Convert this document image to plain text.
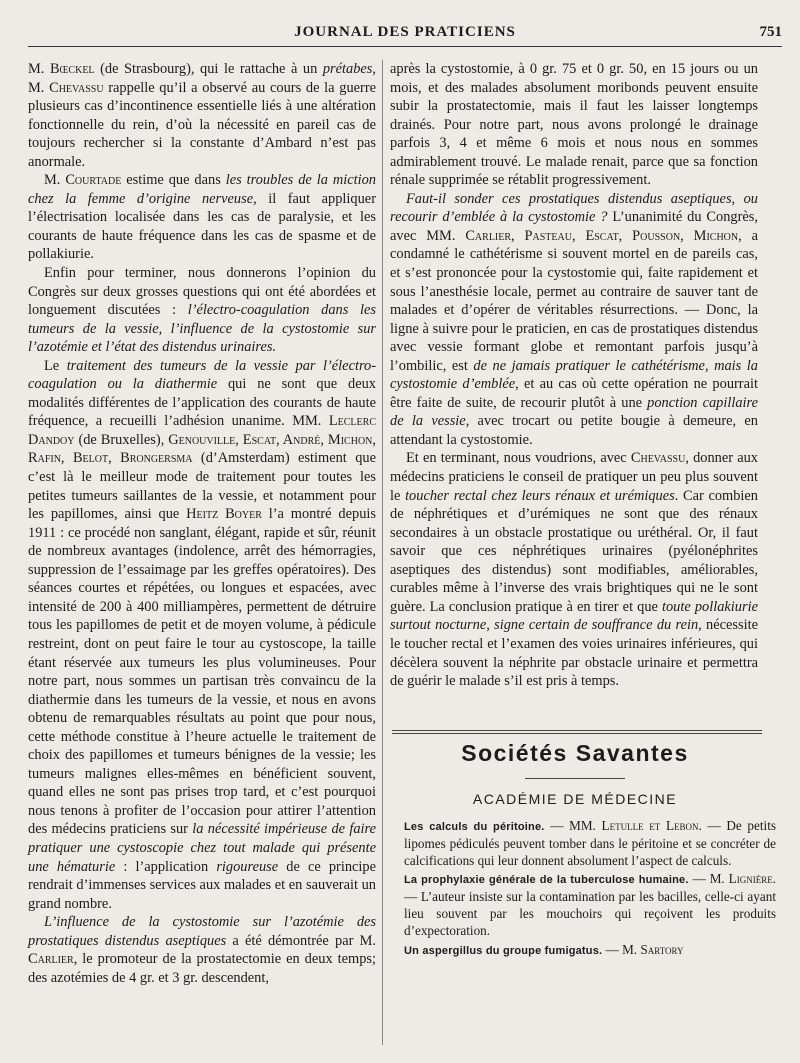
JOURNAL DES PRATICIENS	751

M. Bœckel (de Strasbourg), qui le rattache à un prétabes, M. Chevassu rappelle qu’il a observé au cours de la guerre plusieurs cas d’incontinence essentielle liés à une altération fonctionnelle du rein, d’où la nécessité en pareil cas de toujours rechercher si la constante d’Ambard n’est pas anormale.

M. Courtade estime que dans les troubles de la miction chez la femme d’origine nerveuse, il faut appliquer l’électrisation localisée dans les cas de paralysie, et les courants de haute fréquence dans les cas de spasme et de pollakiurie.

Enfin pour terminer, nous donnerons l’opinion du Congrès sur deux grosses questions qui ont été abordées et longuement discutées : l’électro-coagulation dans les tumeurs de la vessie, l’influence de la cystostomie sur l’azotémie et l’état des distendus urinaires.

Le traitement des tumeurs de la vessie par l’électro-coagulation ou la diathermie qui ne sont que deux modalités différentes de l’application des courants de haute fréquence, a recueilli l’adhésion unanime. MM. Leclerc Dandoy (de Bruxelles), Genouville, Escat, André, Michon, Rafin, Belot, Brongersma (d’Amsterdam) estiment que c’est là le meilleur mode de traitement pour toutes les petites tumeurs saillantes de la vessie, et notamment pour les papillomes, ainsi que Heitz Boyer l’a montré depuis 1911 : ce procédé non sanglant, élégant, rapide et sûr, réunit de nombreux avantages (indolence, arrêt des hémorragies, suppression de l’essaimage par les greffes opératoires). Des séances courtes et répétées, ou longues et espacées, avec intensité de 200 à 400 milliampères, permettent de détruire tous les papillomes de petit et de moyen volume, à pédicule restreint, dont on peut faire le tour au cystoscope, la taille étant réservée aux tumeurs les plus volumineuses. Pour notre part, nous sommes un partisan très convaincu de la diathermie dans les tumeurs de la vessie, et nous en avons obtenu de remarquables résultats au point que pour nous, cette méthode constitue à l’heure actuelle le traitement de choix des papillomes et tumeurs bénignes de la vessie; les tumeurs malignes elles-mêmes en bénéficient souvent, quand elles ne sont pas prises trop tard, et c’est pourquoi nous tenons à profiter de l’occasion pour attirer l’attention des médecins praticiens sur la nécessité impérieuse de faire pratiquer une cystoscopie chez tout malade qui présente une hématurie : l’application rigoureuse de ce principe rendrait d’immenses services aux malades et en sauverait un grand nombre.

L’influence de la cystostomie sur l’azotémie des prostatiques distendus aseptiques a été démontrée par M. Carlier, le promoteur de la prostatectomie en deux temps; des azotémies de 4 gr. et 3 gr. descendent,

après la cystostomie, à 0 gr. 75 et 0 gr. 50, en 15 jours ou un mois, et des malades absolument moribonds peuvent ensuite subir la prostatectomie, mais il faut les laisser longtemps drainés. Pour notre part, nous avons prolongé le drainage parfois 3, 4 et même 6 mois et nous nous en sommes admirablement trouvé. Le malade renait, parce que sa fonction rénale supprimée se rétablit progressivement.

Faut-il sonder ces prostatiques distendus aseptiques, ou recourir d’emblée à la cystostomie ? L’unanimité du Congrès, avec MM. Carlier, Pasteau, Escat, Pousson, Michon, a condamné le cathétérisme si souvent mortel en de pareils cas, et s’est prononcée pour la cystostomie qui, faite rapidement et sous l’anesthésie locale, permet au contraire de sauver tant de malades et d’opérer de véritables résurrections. — Donc, la ligne à suivre pour le praticien, en cas de prostatiques distendus avec vessie formant globe et remontant parfois jusqu’à l’ombilic, est de ne jamais pratiquer le cathétérisme, mais la cystostomie d’emblée, et au cas où cette opération ne pourrait être faite de suite, de recourir plutôt à une ponction capillaire de la vessie, avec trocart ou petite bougie à demeure, en attendant la cystostomie.

Et en terminant, nous voudrions, avec Chevassu, donner aux médecins praticiens le conseil de pratiquer un peu plus souvent le toucher rectal chez leurs rénaux et urémiques. Car combien de néphrétiques et d’urémiques ne sont que des rénaux secondaires à un obstacle prostatique ou uréthéral. Or, il faut savoir que ces néphrétiques urinaires (pyélonéphrites aseptiques des distendus) sont modifiables, améliorables, curables même à l’inverse des vrais brightiques qui ne le sont guère. La conclusion pratique à en tirer et que toute pollakiurie surtout nocturne, signe certain de souffrance du rein, nécessite le toucher rectal et l’examen des voies urinaires inférieures, qui décèlera souvent la néphrite par obstacle urinaire et permettra de guérir le malade s’il est pris à temps.

Sociétés Savantes
ACADÉMIE DE MÉDECINE

Les calculs du péritoine. — MM. Letulle et Lebon. — De petits lipomes pédiculés peuvent tomber dans le péritoine et se concréter de calcifications qui leur donnent absolument l’aspect de calculs.

La prophylaxie générale de la tuberculose humaine. — M. Lignière. — L’auteur insiste sur la contamination par les bacilles, celle-ci ayant lieu souvent par les mouchoirs qui reçoivent les produits d’expectoration.

Un aspergillus du groupe fumigatus. — M. Sartory
